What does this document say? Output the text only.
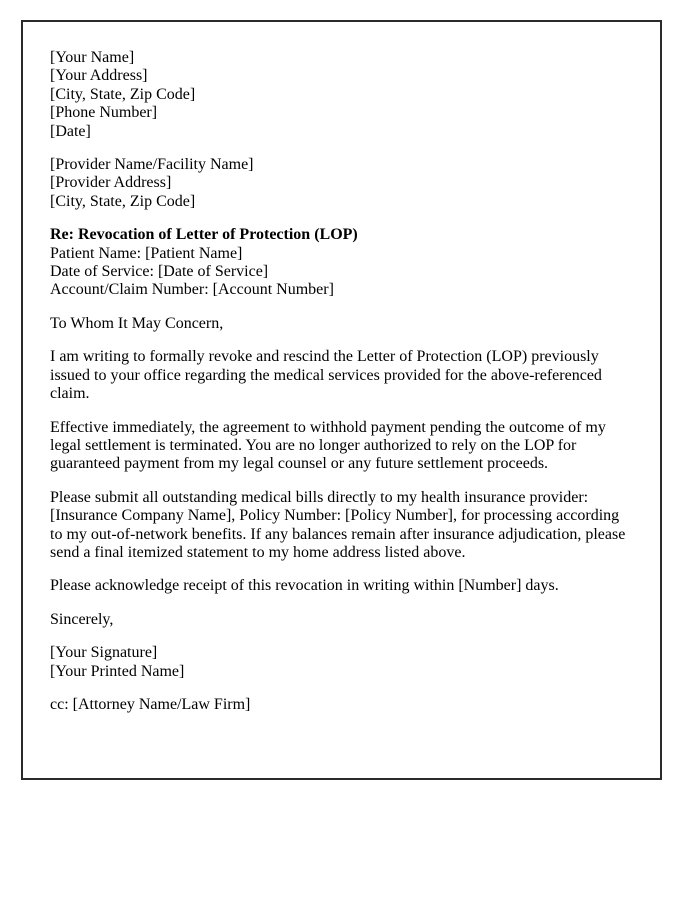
[Your Name]
[Your Address]
[City, State, Zip Code]
[Phone Number]
[Date]
[Provider Name/Facility Name]
[Provider Address]
[City, State, Zip Code]
Re: Revocation of Letter of Protection (LOP)
Patient Name: [Patient Name]
Date of Service: [Date of Service]
Account/Claim Number: [Account Number]

To Whom It May Concern,

I am writing to formally revoke and rescind the Letter of Protection (LOP) previously issued to your office regarding the medical services provided for the above-referenced claim.

Effective immediately, the agreement to withhold payment pending the outcome of my legal settlement is terminated. You are no longer authorized to rely on the LOP for guaranteed payment from my legal counsel or any future settlement proceeds.

Please submit all outstanding medical bills directly to my health insurance provider: [Insurance Company Name], Policy Number: [Policy Number], for processing according to my out-of-network benefits. If any balances remain after insurance adjudication, please send a final itemized statement to my home address listed above.

Please acknowledge receipt of this revocation in writing within [Number] days.

Sincerely,

[Your Signature]
[Your Printed Name]
cc: [Attorney Name/Law Firm]
